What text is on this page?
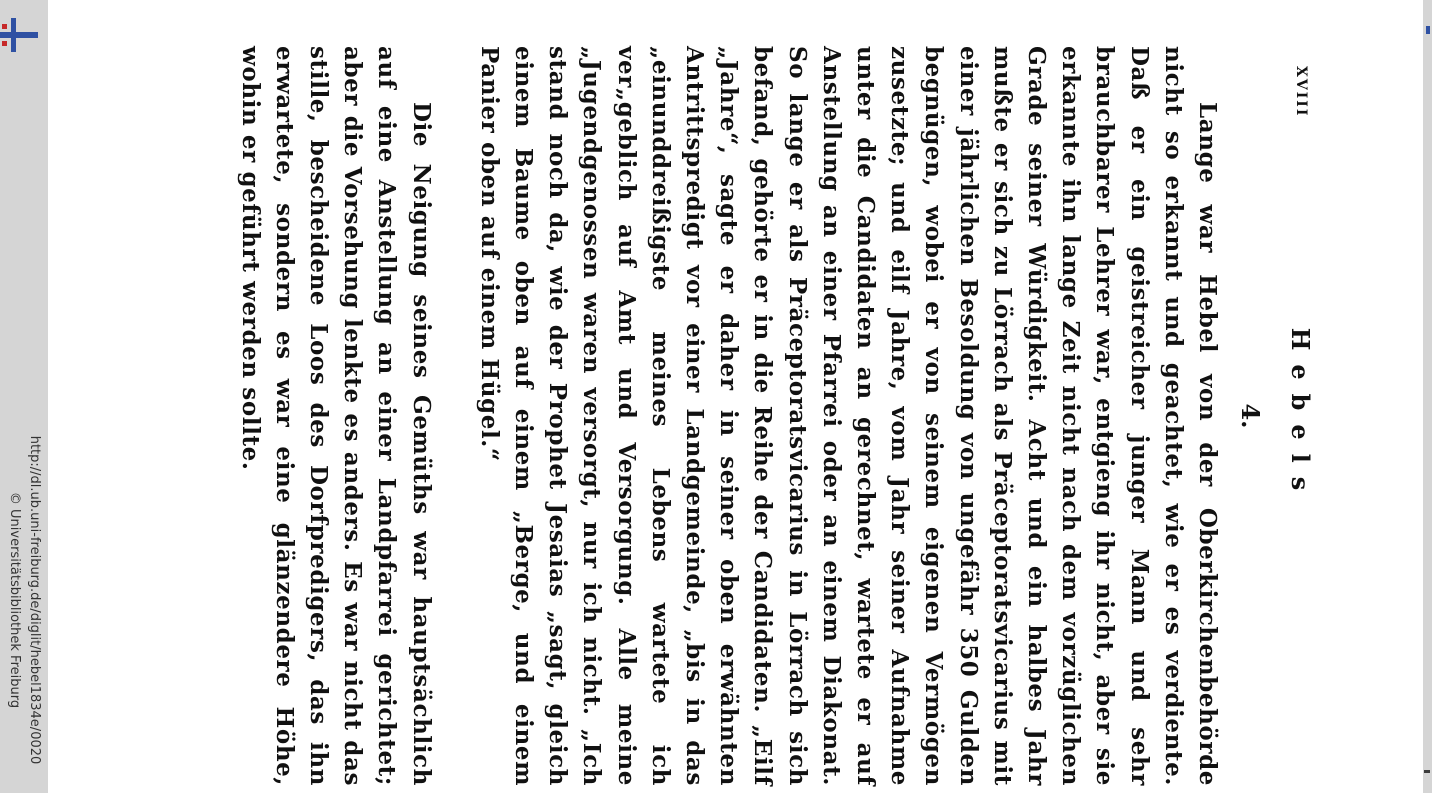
http://dl.ub.uni-freiburg.de/diglit/hebel1834e/0020
© Universitätsbibliothek Freiburg
XVIII
Hebels
4.

Lange war Hebel von der Oberkirchenbehörde nicht so erkannt und geachtet, wie er es verdiente. Daß er ein geistreicher junger Mann und sehr brauchbarer Lehrer war, entgieng ihr nicht, aber sie erkannte ihn lange Zeit nicht nach dem vorzüglichen Grade seiner Würdigkeit. Acht und ein halbes Jahr mußte er sich zu Lörrach als Präceptoratsvicarius mit einer jährlichen Besoldung von ungefähr 350 Gulden begnügen, wobei er von seinem eigenen Vermögen zusetzte; und eilf Jahre, vom Jahr seiner Aufnahme unter die Candidaten an gerechnet, wartete er auf Anstellung an einer Pfarrei oder an einem Diakonat. So lange er als Präceptoratsvicarius in Lörrach sich befand, gehörte er in die Reihe der Candidaten. „Eilf „Jahre“, sagte er daher in seiner oben erwähnten Antrittspredigt vor einer Landgemeinde, „bis in das „einunddreißigste meines Lebens wartete ich ver„geblich auf Amt und Versorgung. Alle meine „Jugendgenossen waren versorgt, nur ich nicht. „Ich stand noch da, wie der Prophet Jesaias „sagt, gleich einem Baume oben auf einem „Berge, und einem Panier oben auf einem Hügel.“

Die Neigung seines Gemüths war hauptsächlich auf eine Anstellung an einer Landpfarrei gerichtet; aber die Vorsehung lenkte es anders. Es war nicht das stille, bescheidene Loos des Dorfpredigers, das ihn erwartete, sondern es war eine glänzendere Höhe, wohin er geführt werden sollte.
